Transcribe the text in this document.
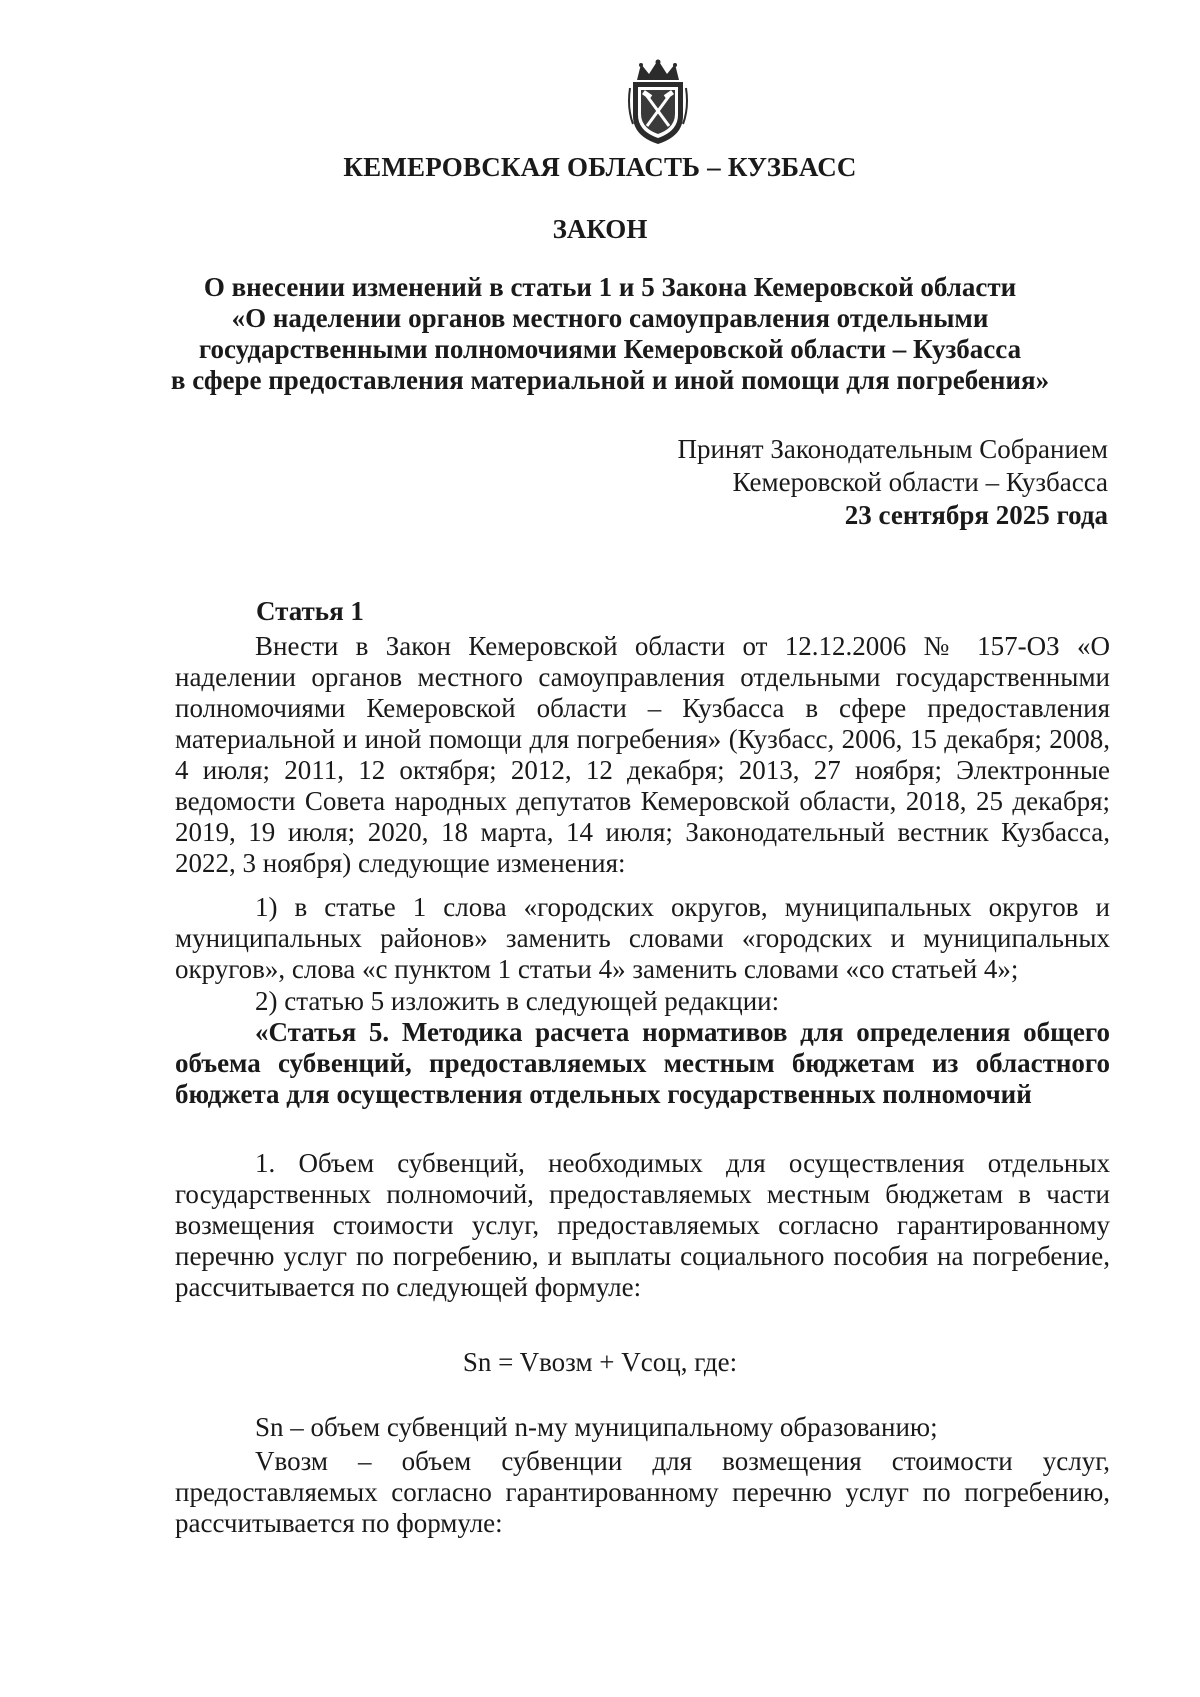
КЕМЕРОВСКАЯ ОБЛАСТЬ – КУЗБАСС
ЗАКОН
О внесении изменений в статьи 1 и 5 Закона Кемеровской области
«О наделении органов местного самоуправления отдельными
государственными полномочиями Кемеровской области – Кузбасса
в сфере предоставления материальной и иной помощи для погребения»
Принят Законодательным Собранием
Кемеровской области – Кузбасса
23 сентября 2025 года
Статья 1

Внести в Закон Кемеровской области от 12.12.2006 № 157-ОЗ «О наделении органов местного самоуправления отдельными государственными полномочиями Кемеровской области – Кузбасса в сфере предоставления материальной и иной помощи для погребения» (Кузбасс, 2006, 15 декабря; 2008, 4 июля; 2011, 12 октября; 2012, 12 декабря; 2013, 27 ноября; Электронные ведомости Совета народных депутатов Кемеровской области, 2018, 25 декабря; 2019, 19 июля; 2020, 18 марта, 14 июля; Законодательный вестник Кузбасса, 2022, 3 ноября) следующие изменения:

1) в статье 1 слова «городских округов, муниципальных округов и муниципальных районов» заменить словами «городских и муниципальных округов», слова «с пунктом 1 статьи 4» заменить словами «со статьей 4»;

2) статью 5 изложить в следующей редакции:

«Статья 5. Методика расчета нормативов для определения общего объема субвенций, предоставляемых местным бюджетам из областного бюджета для осуществления отдельных государственных полномочий

1. Объем субвенций, необходимых для осуществления отдельных государственных полномочий, предоставляемых местным бюджетам в части возмещения стоимости услуг, предоставляемых согласно гарантированному перечню услуг по погребению, и выплаты социального пособия на погребение, рассчитывается по следующей формуле:

Sn = Vвозм + Vсоц, где:

Sn – объем субвенций n-му муниципальному образованию;

Vвозм – объем субвенции для возмещения стоимости услуг, предоставляемых согласно гарантированному перечню услуг по погребению, рассчитывается по формуле:
